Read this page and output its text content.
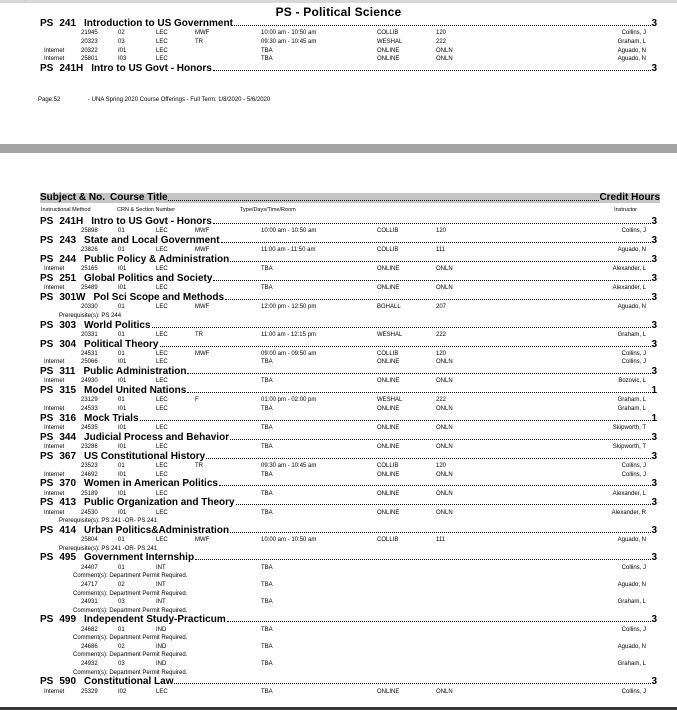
PS - Political Science
PS 241 Introduction to US Government	3
21945	02	LEC	MWF	10:00 am - 10:50 am	COLLIB	120	Collins, J
20323	03	LEC	TR	09:30 am - 10:45 am	WESHAL	222	Graham, L
Internet	20322	I01	LEC	TBA	ONLINE	ONLN	Aguado, N
Internet	25801	I03	LEC	TBA	ONLINE	ONLN	Aguado, N
PS 241H Intro to US Govt - Honors	3
Page:52	- UNA Spring 2020 Course Offerings - Full Term: 1/8/2020 - 5/6/2020
Subject & No. Course Title	Credit Hours
Instructional Method	CRN & Section Number	Type/Days/Time/Room	Instructor
PS 241H Intro to US Govt - Honors	3
25898	01	LEC	MWF	10:00 am - 10:50 am	COLLIB	120	Collins, J
PS 243 State and Local Government	3
23826	01	LEC	MWF	11:00 am - 11:50 am	COLLIB	111	Aguado, N
PS 244 Public Policy & Administration	3
Internet	25165	I01	LEC	TBA	ONLINE	ONLN	Alexander, L
PS 251 Global Politics and Society	3
Internet	25489	I01	LEC	TBA	ONLINE	ONLN	Alexander, L
PS 301W Pol Sci Scope and Methods	3
20330	01	LEC	MWF	12:00 pm - 12:50 pm	BGHALL	207	Aguado, N
Prerequisite(s): PS 244
PS 303 World Politics	3
20331	01	LEC	TR	11:00 am - 12:15 pm	WESHAL	222	Graham, L
PS 304 Political Theory	3
24531	01	LEC	MWF	09:00 am - 09:50 am	COLLIB	120	Collins, J
Internet	25066	I01	LEC	TBA	ONLINE	ONLN	Collins, J
PS 311 Public Administration	3
Internet	24930	I01	LEC	TBA	ONLINE	ONLN	Bozovic, L
PS 315 Model United Nations	1
23129	01	LEC	F	01:00 pm - 02:00 pm	WESHAL	222	Graham, L
Internet	24533	I01	LEC	TBA	ONLINE	ONLN	Graham, L
PS 316 Mock Trials	1
Internet	24535	I01	LEC	TBA	ONLINE	ONLN	Skipworth, T
PS 344 Judicial Process and Behavior	3
Internet	23286	I01	LEC	TBA	ONLINE	ONLN	Skipworth, T
PS 367 US Constitutional History	3
23523	01	LEC	TR	09:30 am - 10:45 am	COLLIB	120	Collins, J
Internet	24692	I01	LEC	TBA	ONLINE	ONLN	Collins, J
PS 370 Women in American Politics	3
Internet	25189	I01	LEC	TBA	ONLINE	ONLN	Alexander, L
PS 413 Public Organization and Theory	3
Internet	24530	I01	LEC	TBA	ONLINE	ONLN	Alexander, R
Prerequisite(s): PS 241 -OR- PS 241
PS 414 Urban Politics&Administration	3
25804	01	LEC	MWF	10:00 am - 10:50 am	COLLIB	111	Aguado, N
Prerequisite(s): PS 241 -OR- PS 241
PS 495 Government Internship	3
24407	01	INT	TBA	Collins, J
Comment(s): Department Permit Required.
24717	02	INT	TBA	Aguado, N
Comment(s): Department Permit Required.
24931	03	INT	TBA	Graham, L
Comment(s): Department Permit Required.
PS 499 Independent Study-Practicum	3
24682	01	IND	TBA	Collins, J
Comment(s): Department Permit Required.
24686	02	IND	TBA	Aguado, N
Comment(s): Department Permit Required.
24932	03	IND	TBA	Graham, L
Comment(s): Department Permit Required.
PS 590 Constitutional Law	3
Internet	25329	I02	LEC	TBA	ONLINE	ONLN	Collins, J
